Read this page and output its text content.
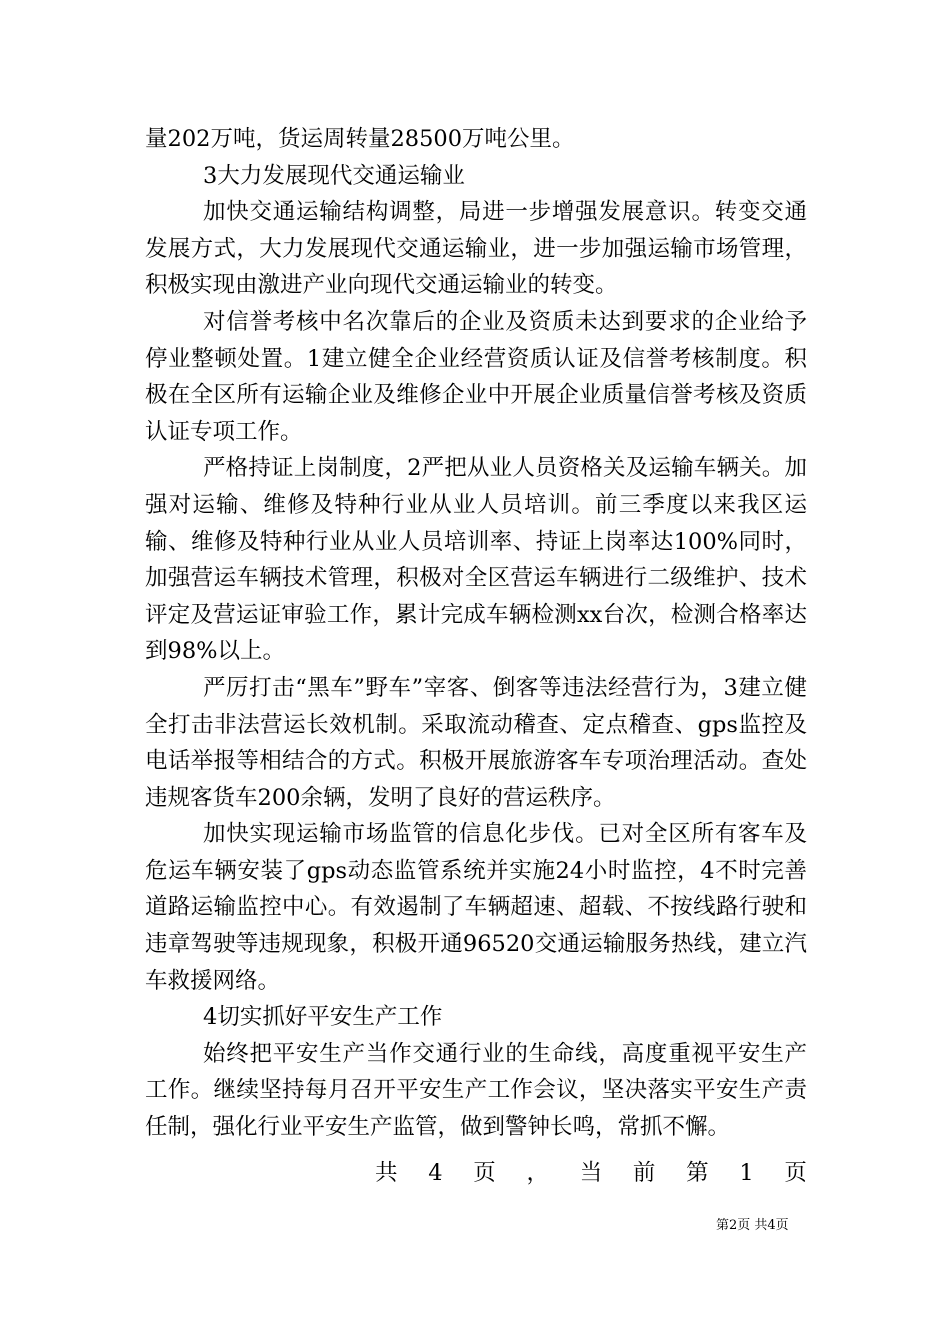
量202万吨，货运周转量28500万吨公里。

3大力发展现代交通运输业

加快交通运输结构调整，局进一步增强发展意识。转变交通发展方式，大力发展现代交通运输业，进一步加强运输市场管理，积极实现由激进产业向现代交通运输业的转变。

对信誉考核中名次靠后的企业及资质未达到要求的企业给予停业整顿处置。1建立健全企业经营资质认证及信誉考核制度。积极在全区所有运输企业及维修企业中开展企业质量信誉考核及资质认证专项工作。

严格持证上岗制度，2严把从业人员资格关及运输车辆关。加强对运输、维修及特种行业从业人员培训。前三季度以来我区运输、维修及特种行业从业人员培训率、持证上岗率达100%同时，加强营运车辆技术管理，积极对全区营运车辆进行二级维护、技术评定及营运证审验工作，累计完成车辆检测xx台次，检测合格率达到98%以上。

严厉打击“黑车”野车”宰客、倒客等违法经营行为，3建立健全打击非法营运长效机制。采取流动稽查、定点稽查、gps监控及电话举报等相结合的方式。积极开展旅游客车专项治理活动。查处违规客货车200余辆，发明了良好的营运秩序。

加快实现运输市场监管的信息化步伐。已对全区所有客车及危运车辆安装了gps动态监管系统并实施24小时监控，4不时完善道路运输监控中心。有效遏制了车辆超速、超载、不按线路行驶和违章驾驶等违规现象，积极开通96520交通运输服务热线，建立汽车救援网络。

4切实抓好平安生产工作

始终把平安生产当作交通行业的生命线，高度重视平安生产工作。继续坚持每月召开平安生产工作会议，坚决落实平安生产责任制，强化行业平安生产监管，做到警钟长鸣，常抓不懈。

共 4 页 ， 当 前 第 1 页
第2页 共4页
